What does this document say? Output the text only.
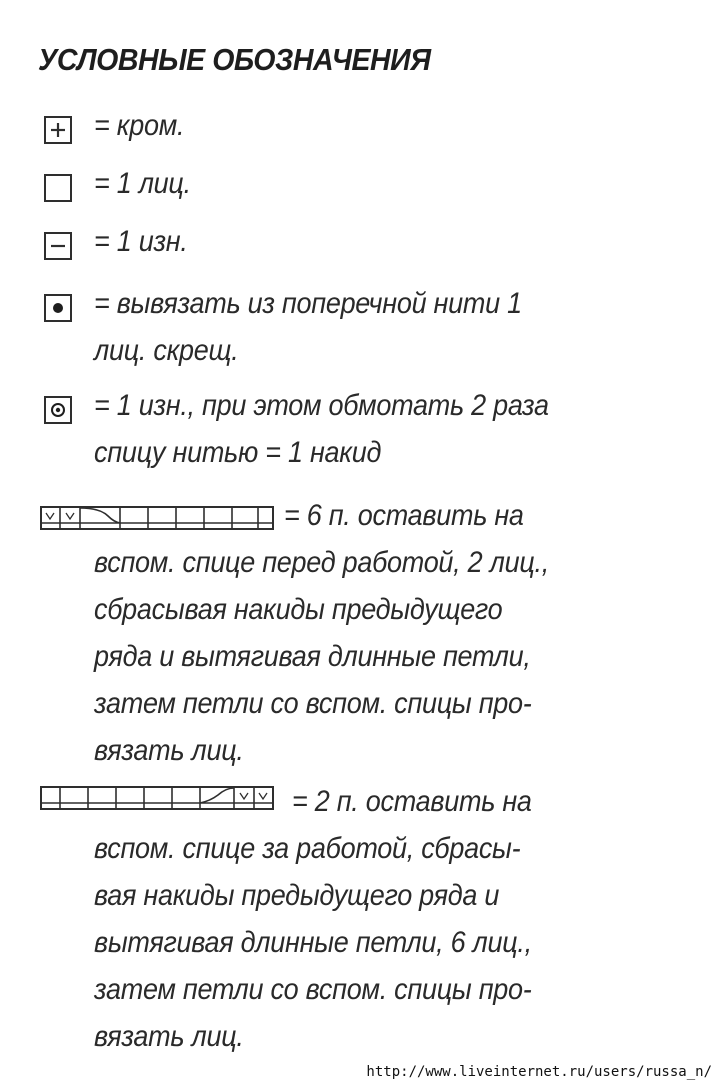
УСЛОВНЫЕ ОБОЗНАЧЕНИЯ
= кром.
= 1 лиц.
= 1 изн.
= вывязать из поперечной нити 1
лиц. скрещ.
= 1 изн., при этом обмотать 2 раза
спицу нитью = 1 накид
= 6 п. оставить на
вспом. спице перед работой, 2 лиц.,
сбрасывая накиды предыдущего
ряда и вытягивая длинные петли,
затем петли со вспом. спицы про-
вязать лиц.
= 2 п. оставить на
вспом. спице за работой, сбрасы-
вая накиды предыдущего ряда и
вытягивая длинные петли, 6 лиц.,
затем петли со вспом. спицы про-
вязать лиц.
http://www.liveinternet.ru/users/russa_n/
